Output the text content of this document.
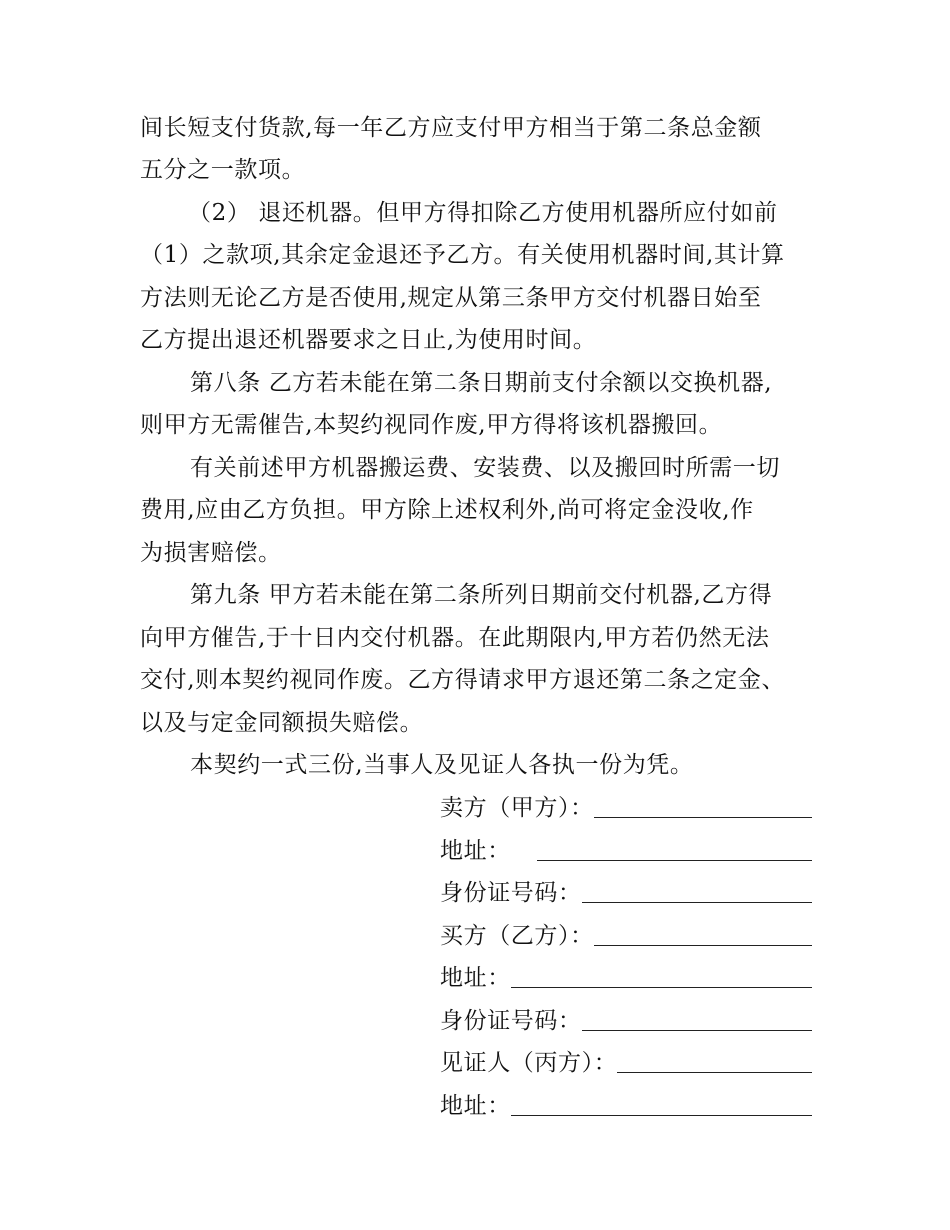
间长短支付货款,每一年乙方应支付甲方相当于第二条总金额
五分之一款项。
（2） 退还机器。但甲方得扣除乙方使用机器所应付如前
（1）之款项,其余定金退还予乙方。有关使用机器时间,其计算
方法则无论乙方是否使用,规定从第三条甲方交付机器日始至
乙方提出退还机器要求之日止,为使用时间。
第八条 乙方若未能在第二条日期前支付余额以交换机器,
则甲方无需催告,本契约视同作废,甲方得将该机器搬回。
有关前述甲方机器搬运费、安装费、以及搬回时所需一切
费用,应由乙方负担。甲方除上述权利外,尚可将定金没收,作
为损害赔偿。
第九条 甲方若未能在第二条所列日期前交付机器,乙方得
向甲方催告,于十日内交付机器。在此期限内,甲方若仍然无法
交付,则本契约视同作废。乙方得请求甲方退还第二条之定金、
以及与定金同额损失赔偿。
本契约一式三份,当事人及见证人各执一份为凭。
卖方（甲方）：
地址：
身份证号码：
买方（乙方）：
地址：
身份证号码：
见证人（丙方）：
地址：
